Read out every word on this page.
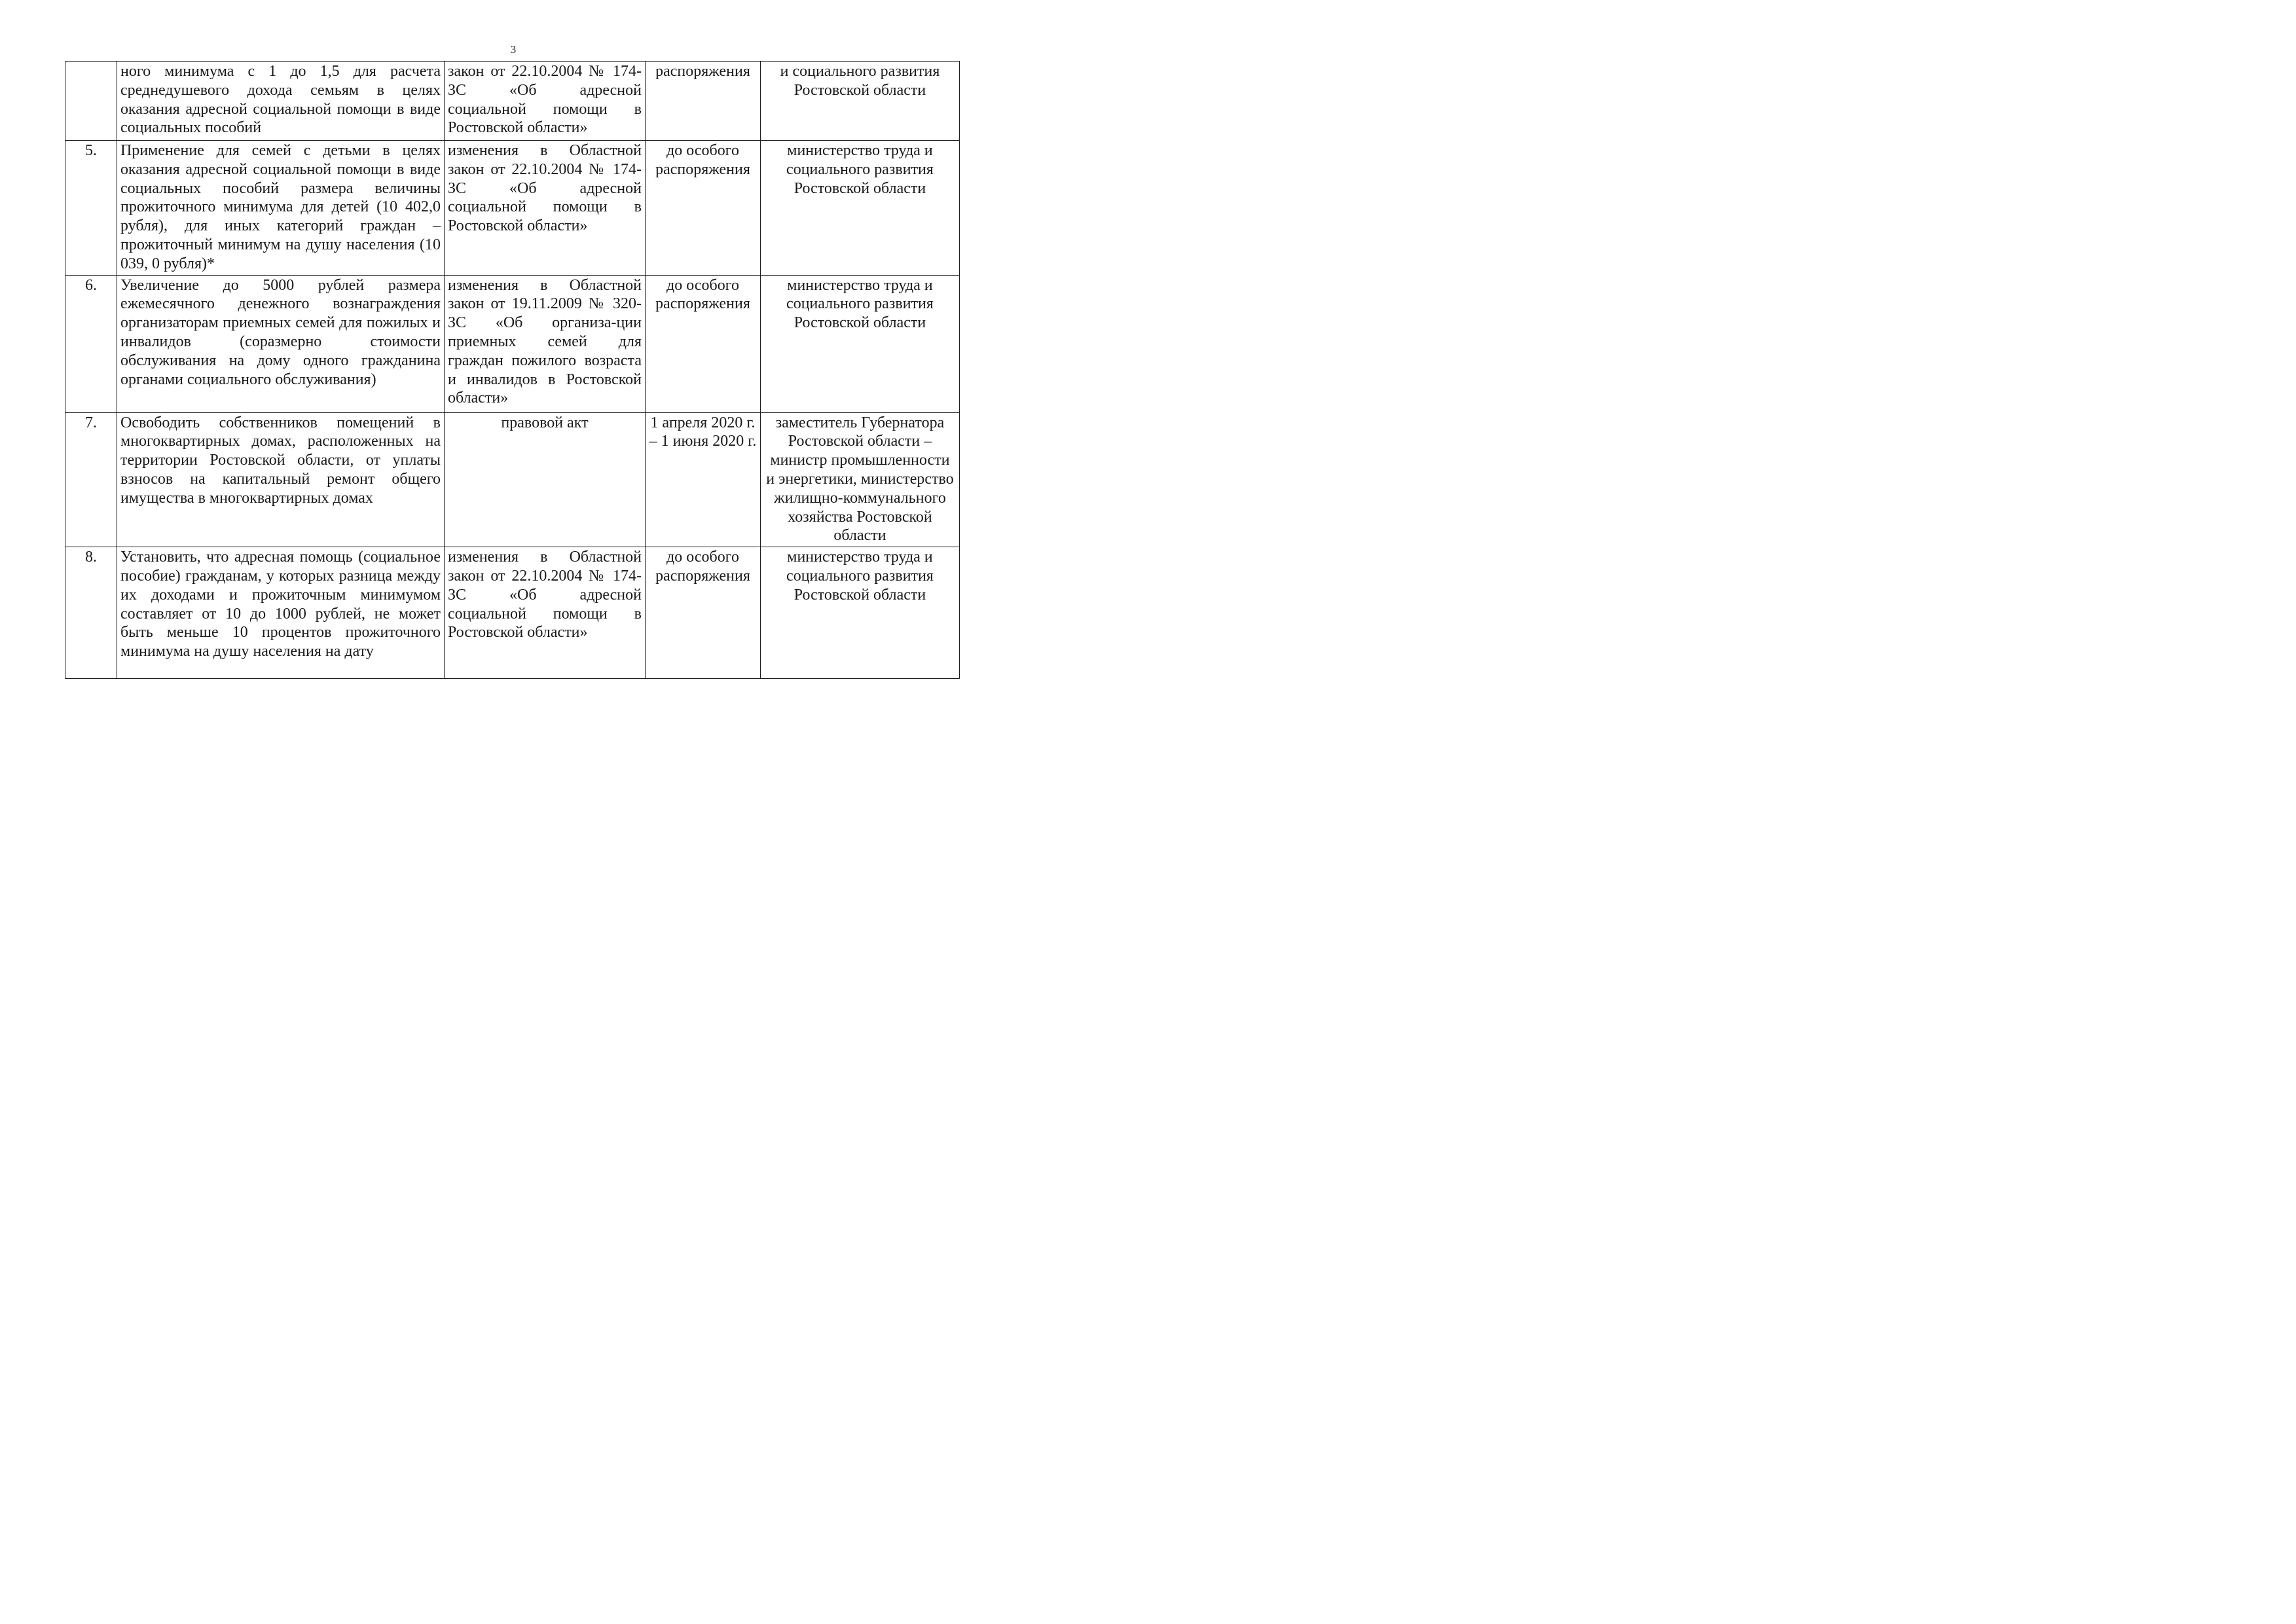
3
	ного минимума с 1 до 1,5 для расчета среднедушевого дохода семьям в целях оказания адресной социальной помощи в виде социальных пособий	закон от 22.10.2004 № 174-ЗС «Об адресной социальной помощи в Ростовской области»	распоряжения	и социального развития Ростовской области
5.	Применение для семей с детьми в целях оказания адресной социальной помощи в виде социальных пособий размера величины прожиточного минимума для детей (10 402,0 рубля), для иных категорий граждан – прожиточный минимум на душу населения (10 039, 0 рубля)*	изменения в Областной закон от 22.10.2004 № 174-ЗС «Об адресной социальной помощи в Ростовской области»	до особого распоряжения	министерство труда и социального развития Ростовской области
6.	Увеличение до 5000 рублей размера ежемесячного денежного вознаграждения организаторам приемных семей для пожилых и инвалидов (соразмерно стоимости обслуживания на дому одного гражданина органами социального обслуживания)	изменения в Областной закон от 19.11.2009 № 320-ЗС «Об организа-ции приемных семей для граждан пожилого возраста и инвалидов в Ростовской области»	до особого распоряжения	министерство труда и социального развития Ростовской области
7.	Освободить собственников помещений в многоквартирных домах, расположенных на территории Ростовской области, от уплаты взносов на капитальный ремонт общего имущества в многоквартирных домах	правовой акт	1 апреля 2020 г. – 1 июня 2020 г.	заместитель Губернатора Ростовской области – министр промышленности и энергетики, министерство жилищно-коммунального хозяйства Ростовской области
8.	Установить, что адресная помощь (социальное пособие) гражданам, у которых разница между их доходами и прожиточным минимумом составляет от 10 до 1000 рублей, не может быть меньше 10 процентов прожиточного минимума на душу населения на дату	изменения в Областной закон от 22.10.2004 № 174-ЗС «Об адресной социальной помощи в Ростовской области»	до особого распоряжения	министерство труда и социального развития Ростовской области
